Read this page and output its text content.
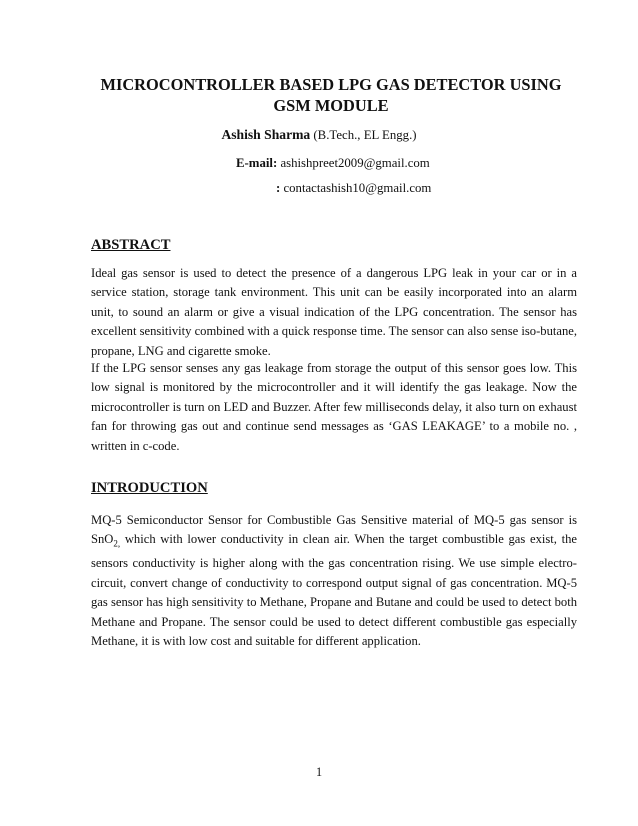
MICROCONTROLLER BASED LPG GAS DETECTOR USING GSM MODULE
Ashish Sharma (B.Tech., EL Engg.)
E-mail: ashishpreet2009@gmail.com
: contactashish10@gmail.com
ABSTRACT
Ideal gas sensor is used to detect the presence of a dangerous LPG leak in your car or in a service station, storage tank environment. This unit can be easily incorporated into an alarm unit, to sound an alarm or give a visual indication of the LPG concentration. The sensor has excellent sensitivity combined with a quick response time. The sensor can also sense iso-butane, propane, LNG and cigarette smoke.
If the LPG sensor senses any gas leakage from storage the output of this sensor goes low. This low signal is monitored by the microcontroller and it will identify the gas leakage. Now the microcontroller is turn on LED and Buzzer. After few milliseconds delay, it also turn on exhaust fan for throwing gas out and continue send messages as ‘GAS LEAKAGE’ to a mobile no. , written in c-code.
INTRODUCTION
MQ-5 Semiconductor Sensor for Combustible Gas Sensitive material of MQ-5 gas sensor is SnO$_{2,}$ which with lower conductivity in clean air. When the target combustible gas exist, the sensors conductivity is higher along with the gas concentration rising. We use simple electro-circuit, convert change of conductivity to correspond output signal of gas concentration. MQ-5 gas sensor has high sensitivity to Methane, Propane and Butane and could be used to detect both Methane and Propane. The sensor could be used to detect different combustible gas especially Methane, it is with low cost and suitable for different application.
1
